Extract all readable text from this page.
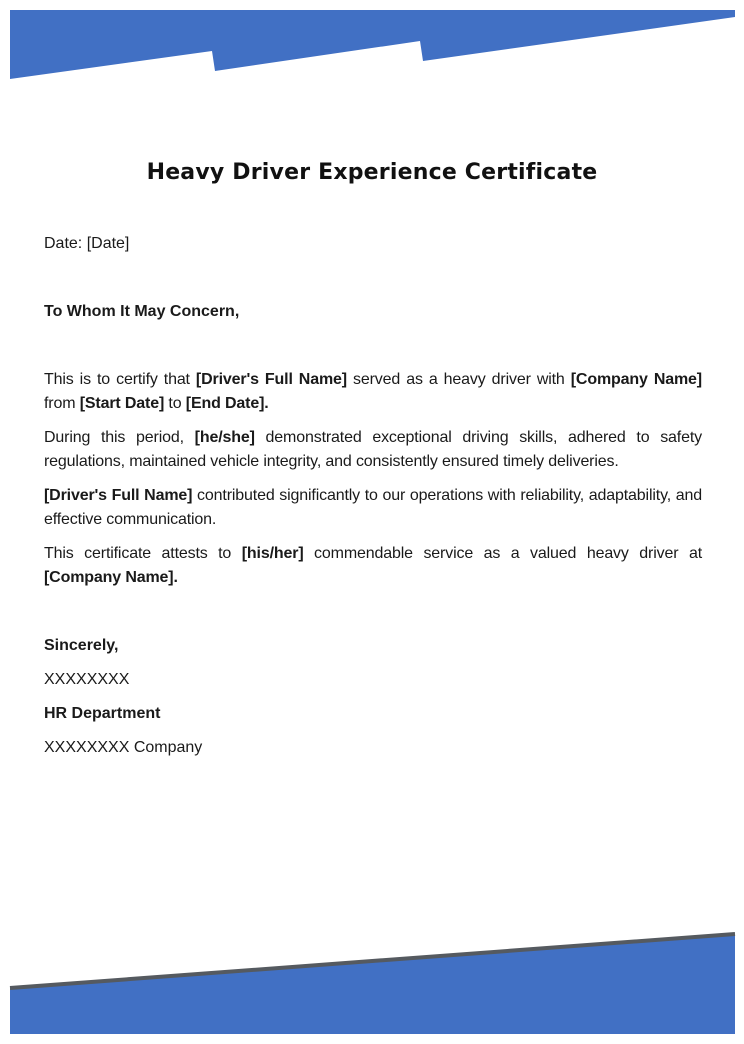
Heavy Driver Experience Certificate

Date: [Date]

To Whom It May Concern,

This is to certify that [Driver's Full Name] served as a heavy driver with [Company Name] from [Start Date] to [End Date].

During this period, [he/she] demonstrated exceptional driving skills, adhered to safety regulations, maintained vehicle integrity, and consistently ensured timely deliveries.

[Driver's Full Name] contributed significantly to our operations with reliability, adaptability, and effective communication.

This certificate attests to [his/her] commendable service as a valued heavy driver at [Company Name].

Sincerely,

XXXXXXXX

HR Department

XXXXXXXX Company
